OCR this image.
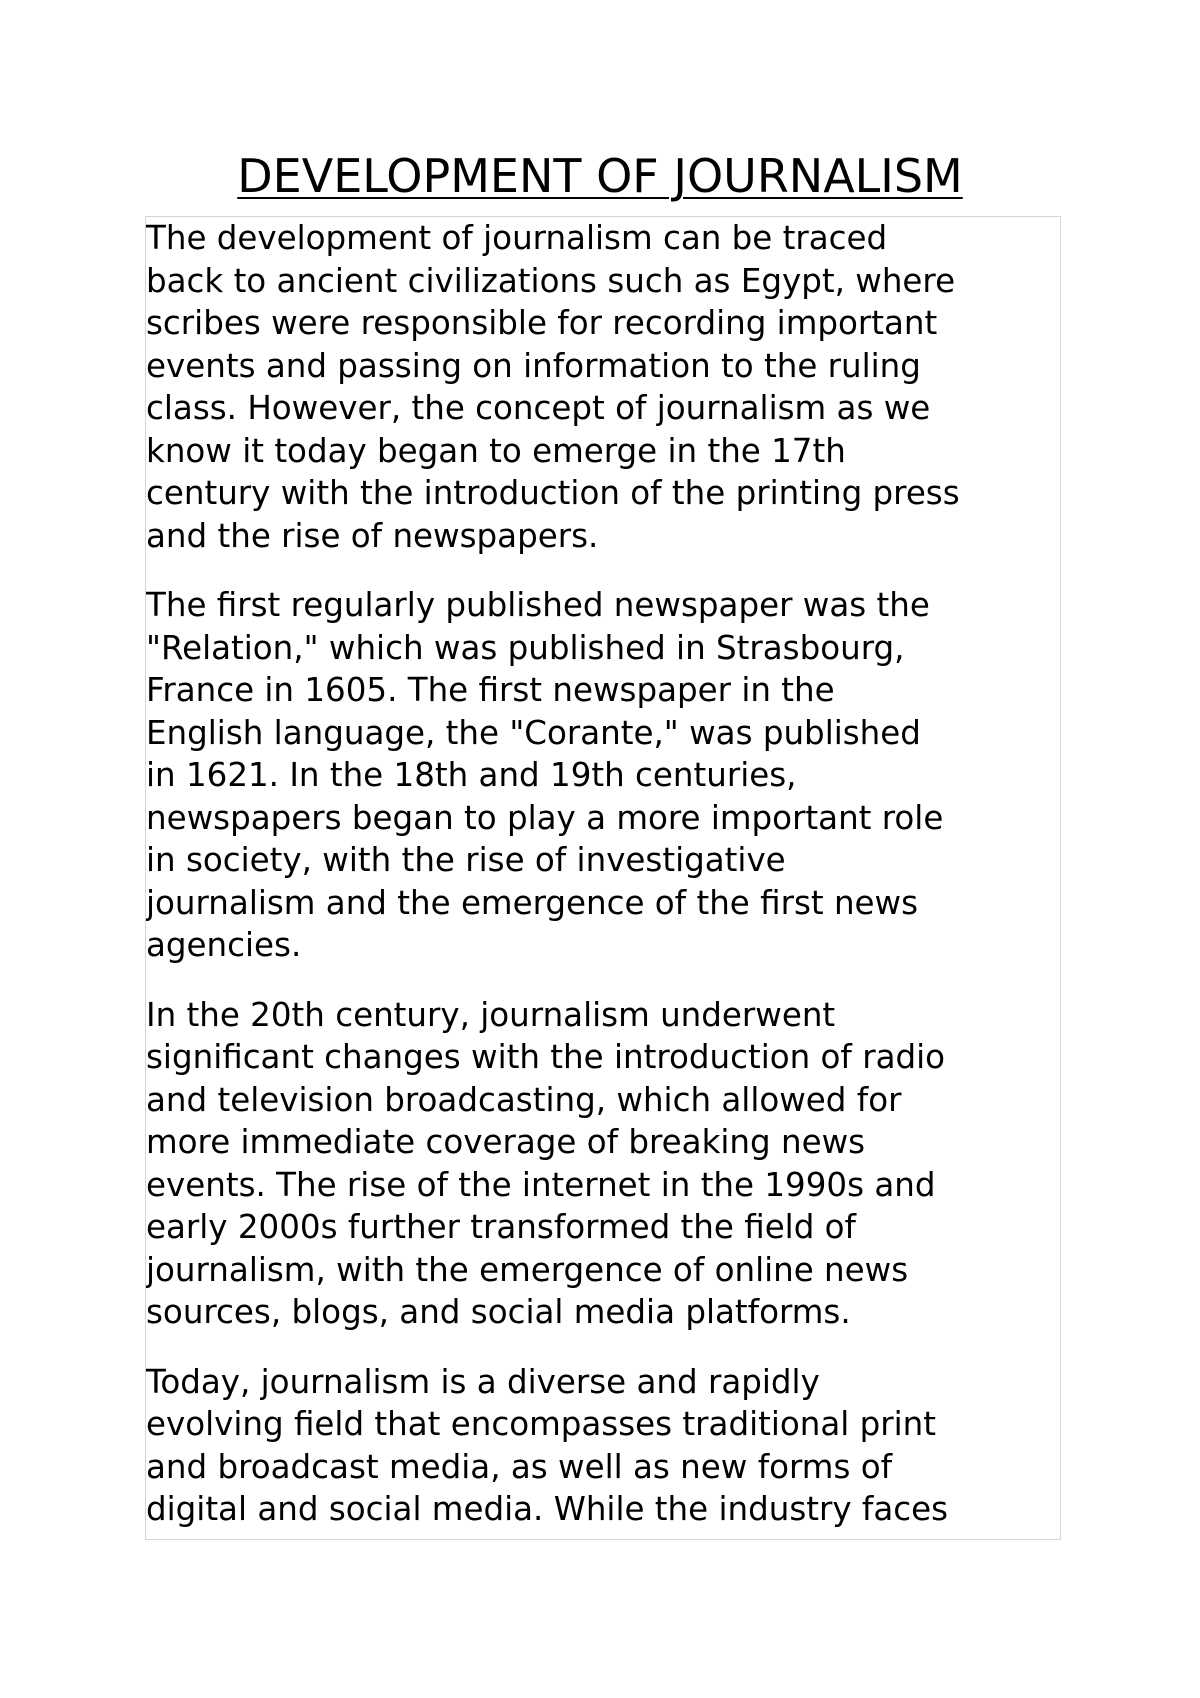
DEVELOPMENT OF JOURNALISM

The development of journalism can be traced
back to ancient civilizations such as Egypt, where
scribes were responsible for recording important
events and passing on information to the ruling
class. However, the concept of journalism as we
know it today began to emerge in the 17th
century with the introduction of the printing press
and the rise of newspapers.

The first regularly published newspaper was the
"Relation," which was published in Strasbourg,
France in 1605. The first newspaper in the
English language, the "Corante," was published
in 1621. In the 18th and 19th centuries,
newspapers began to play a more important role
in society, with the rise of investigative
journalism and the emergence of the first news
agencies.

In the 20th century, journalism underwent
significant changes with the introduction of radio
and television broadcasting, which allowed for
more immediate coverage of breaking news
events. The rise of the internet in the 1990s and
early 2000s further transformed the field of
journalism, with the emergence of online news
sources, blogs, and social media platforms.

Today, journalism is a diverse and rapidly
evolving field that encompasses traditional print
and broadcast media, as well as new forms of
digital and social media. While the industry faces
